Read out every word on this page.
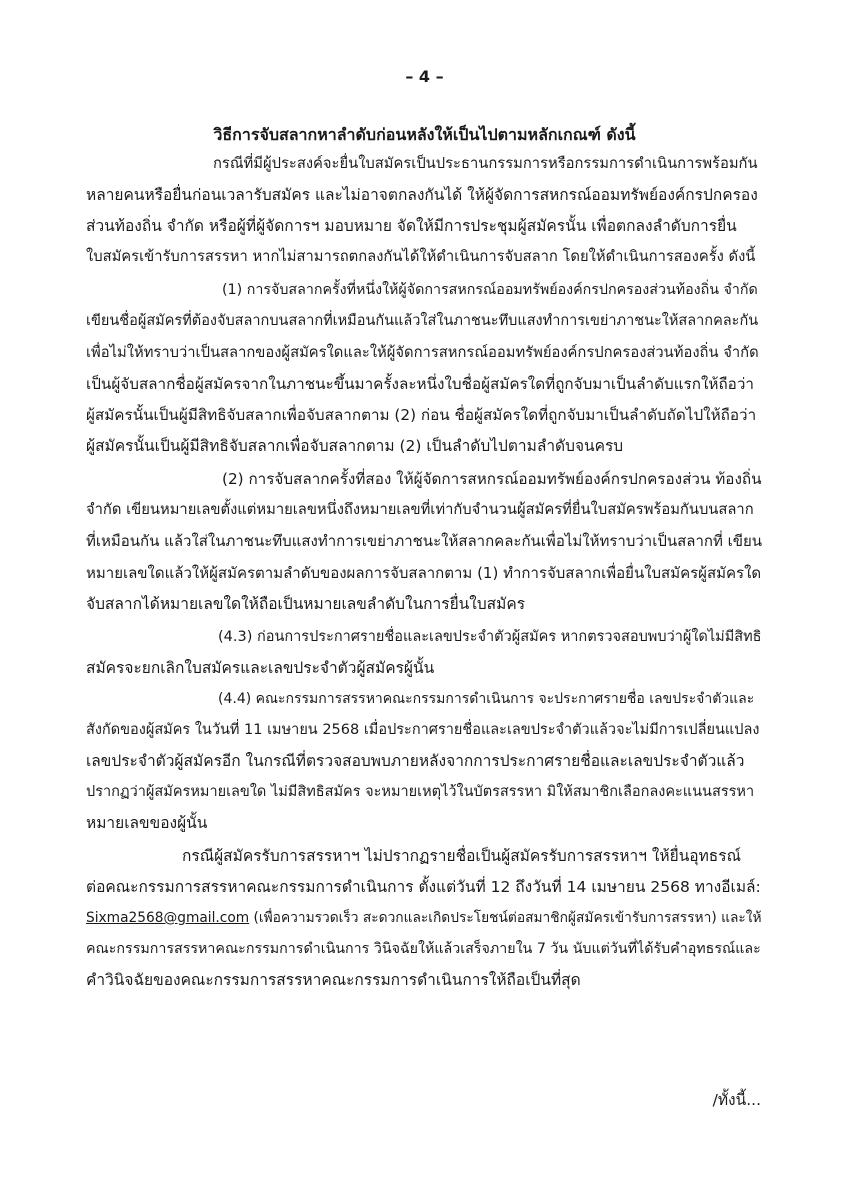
– 4 –
วิธีการจับสลากหาลำดับก่อนหลังให้เป็นไปตามหลักเกณฑ์ ดังนี้
กรณีที่มีผู้ประสงค์จะยื่นใบสมัครเป็นประธานกรรมการหรือกรรมการดำเนินการพร้อมกัน
หลายคนหรือยื่นก่อนเวลารับสมัคร และไม่อาจตกลงกันได้ ให้ผู้จัดการสหกรณ์ออมทรัพย์องค์กรปกครอง
ส่วนท้องถิ่น จำกัด หรือผู้ที่ผู้จัดการฯ มอบหมาย จัดให้มีการประชุมผู้สมัครนั้น เพื่อตกลงลำดับการยื่น
ใบสมัครเข้ารับการสรรหา หากไม่สามารถตกลงกันได้ให้ดำเนินการจับสลาก โดยให้ดำเนินการสองครั้ง ดังนี้
(1) การจับสลากครั้งที่หนึ่งให้ผู้จัดการสหกรณ์ออมทรัพย์องค์กรปกครองส่วนท้องถิ่น จำกัด
เขียนชื่อผู้สมัครที่ต้องจับสลากบนสลากที่เหมือนกันแล้วใส่ในภาชนะทึบแสงทำการเขย่าภาชนะให้สลากคละกัน
เพื่อไม่ให้ทราบว่าเป็นสลากของผู้สมัครใดและให้ผู้จัดการสหกรณ์ออมทรัพย์องค์กรปกครองส่วนท้องถิ่น จำกัด
เป็นผู้จับสลากชื่อผู้สมัครจากในภาชนะขึ้นมาครั้งละหนึ่งใบชื่อผู้สมัครใดที่ถูกจับมาเป็นลำดับแรกให้ถือว่า
ผู้สมัครนั้นเป็นผู้มีสิทธิจับสลากเพื่อจับสลากตาม (2) ก่อน ชื่อผู้สมัครใดที่ถูกจับมาเป็นลำดับถัดไปให้ถือว่า
ผู้สมัครนั้นเป็นผู้มีสิทธิจับสลากเพื่อจับสลากตาม (2) เป็นลำดับไปตามลำดับจนครบ
(2) การจับสลากครั้งที่สอง ให้ผู้จัดการสหกรณ์ออมทรัพย์องค์กรปกครองส่วน ท้องถิ่น
จำกัด เขียนหมายเลขตั้งแต่หมายเลขหนึ่งถึงหมายเลขที่เท่ากับจำนวนผู้สมัครที่ยื่นใบสมัครพร้อมกันบนสลาก
ที่เหมือนกัน แล้วใส่ในภาชนะทึบแสงทำการเขย่าภาชนะให้สลากคละกันเพื่อไม่ให้ทราบว่าเป็นสลากที่ เขียน
หมายเลขใดแล้วให้ผู้สมัครตามลำดับของผลการจับสลากตาม (1) ทำการจับสลากเพื่อยื่นใบสมัครผู้สมัครใด
จับสลากได้หมายเลขใดให้ถือเป็นหมายเลขลำดับในการยื่นใบสมัคร
(4.3) ก่อนการประกาศรายชื่อและเลขประจำตัวผู้สมัคร หากตรวจสอบพบว่าผู้ใดไม่มีสิทธิ
สมัครจะยกเลิกใบสมัครและเลขประจำตัวผู้สมัครผู้นั้น
(4.4) คณะกรรมการสรรหาคณะกรรมการดำเนินการ จะประกาศรายชื่อ เลขประจำตัวและ
สังกัดของผู้สมัคร ในวันที่ 11 เมษายน 2568 เมื่อประกาศรายชื่อและเลขประจำตัวแล้วจะไม่มีการเปลี่ยนแปลง
เลขประจำตัวผู้สมัครอีก ในกรณีที่ตรวจสอบพบภายหลังจากการประกาศรายชื่อและเลขประจำตัวแล้ว
ปรากฏว่าผู้สมัครหมายเลขใด ไม่มีสิทธิสมัคร จะหมายเหตุไว้ในบัตรสรรหา มิให้สมาชิกเลือกลงคะแนนสรรหา
หมายเลขของผู้นั้น
กรณีผู้สมัครรับการสรรหาฯ ไม่ปรากฏรายชื่อเป็นผู้สมัครรับการสรรหาฯ ให้ยื่นอุทธรณ์
ต่อคณะกรรมการสรรหาคณะกรรมการดำเนินการ ตั้งแต่วันที่ 12 ถึงวันที่ 14 เมษายน 2568 ทางอีเมล์:
Sixma2568@gmail.com (เพื่อความรวดเร็ว สะดวกและเกิดประโยชน์ต่อสมาชิกผู้สมัครเข้ารับการสรรหา) และให้
คณะกรรมการสรรหาคณะกรรมการดำเนินการ วินิจฉัยให้แล้วเสร็จภายใน 7 วัน นับแต่วันที่ได้รับคำอุทธรณ์และ
คำวินิจฉัยของคณะกรรมการสรรหาคณะกรรมการดำเนินการให้ถือเป็นที่สุด
/ทั้งนี้...
